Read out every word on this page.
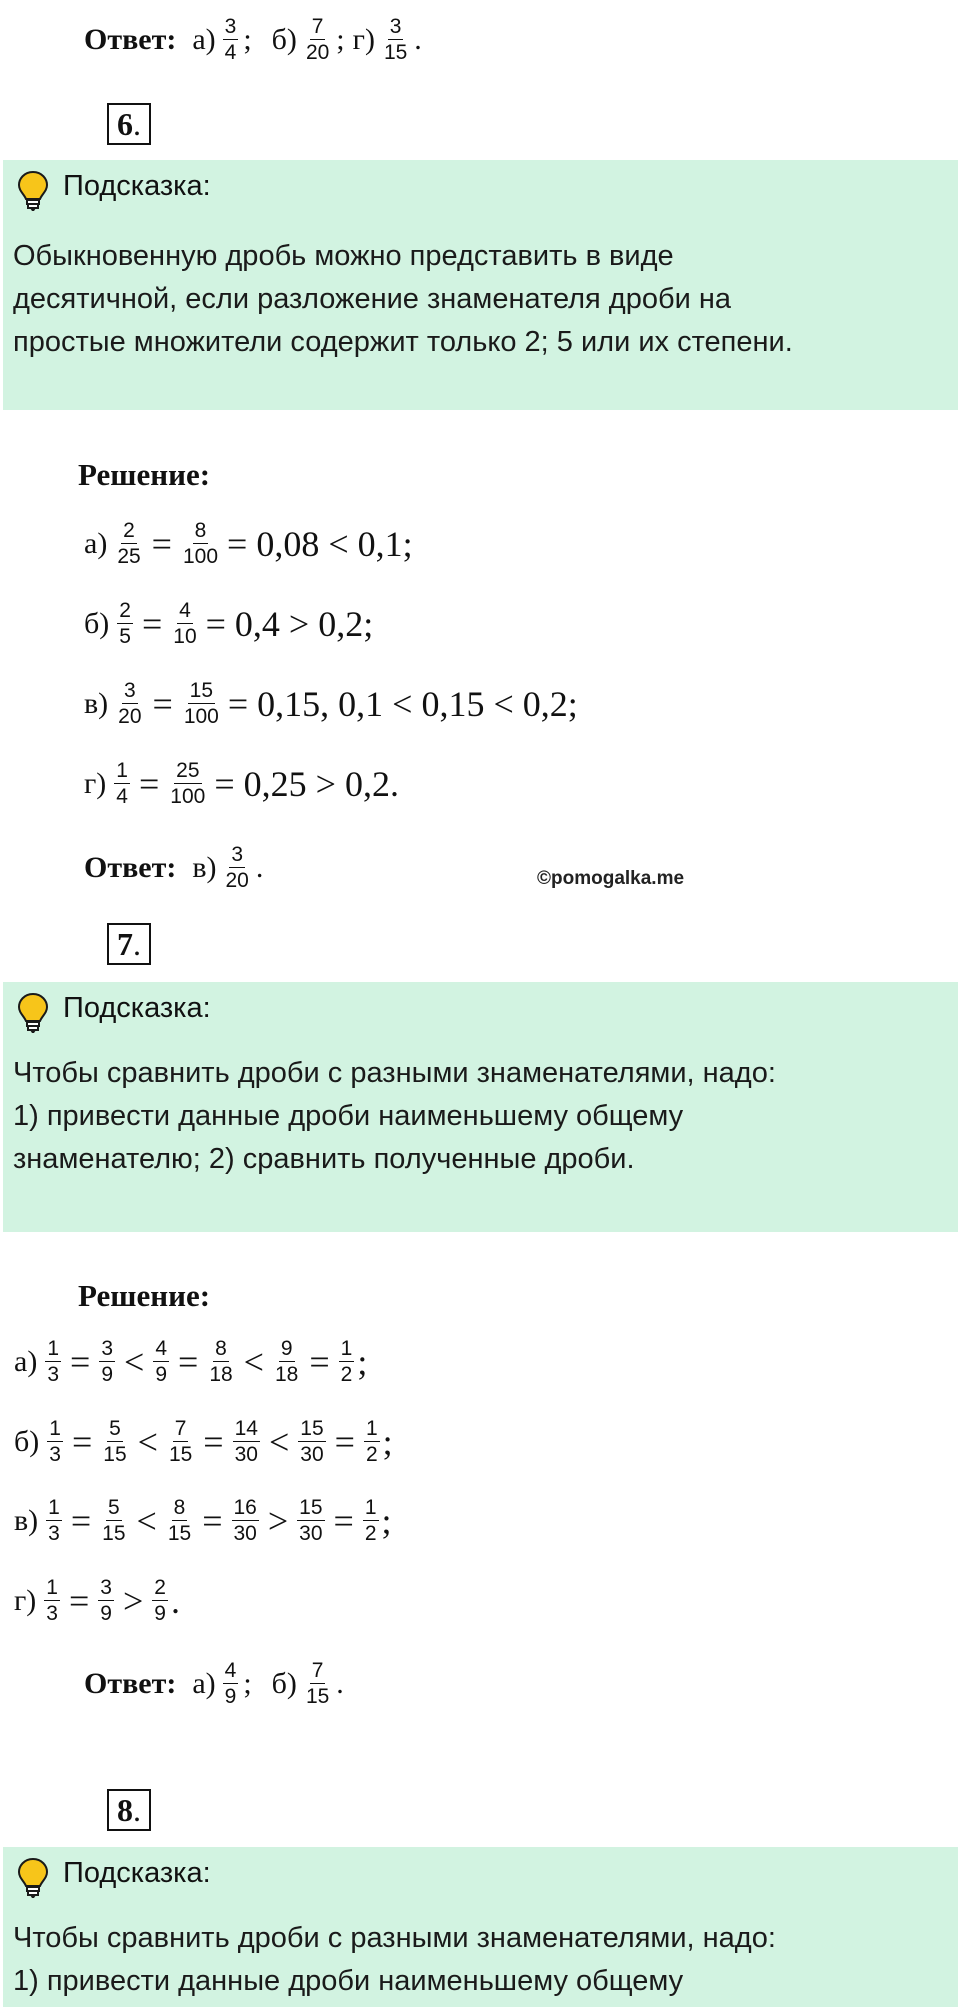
Ответ: $а) \frac{3}{4}$ ; $б) \frac{7}{20}$ ; $г) \frac{3}{15}$ .
6 .
Подсказка:
Обыкновенную дробь можно представить в виде
десятичной, если разложение знаменателя дроби на
простые множители содержит только 2; 5 или их степени.
Решение:
$а) \frac{2}{25} = \frac{8}{100} = 0,08 < 0,1$;
$б) \frac{2}{5} = \frac{4}{10} = 0,4 > 0,2$;
$в) \frac{3}{20} = \frac{15}{100} = 0,15$, 0,1 < 0,15 < 0,2;
$г) \frac{1}{4} = \frac{25}{100} = 0,25 > 0,2$.
Ответ: $в) \frac{3}{20}$ .	©pomogalka.me
7 .
Подсказка:
Чтобы сравнить дроби с разными знаменателями, надо:
1) привести данные дроби наименьшему общему
знаменателю; 2) сравнить полученные дроби.
Решение:
$а) \frac{1}{3} = \frac{3}{9} < \frac{4}{9} = \frac{8}{18} < \frac{9}{18} = \frac{1}{2}$ ;
$б) \frac{1}{3} = \frac{5}{15} < \frac{7}{15} = \frac{14}{30} < \frac{15}{30} = \frac{1}{2}$ ;
$в) \frac{1}{3} = \frac{5}{15} < \frac{8}{15} = \frac{16}{30} > \frac{15}{30} = \frac{1}{2}$ ;
$г) \frac{1}{3} = \frac{3}{9} > \frac{2}{9}$ .
Ответ: $а) \frac{4}{9}$ ; $б) \frac{7}{15}$ .
8 .
Подсказка:
Чтобы сравнить дроби с разными знаменателями, надо:
1) привести данные дроби наименьшему общему
